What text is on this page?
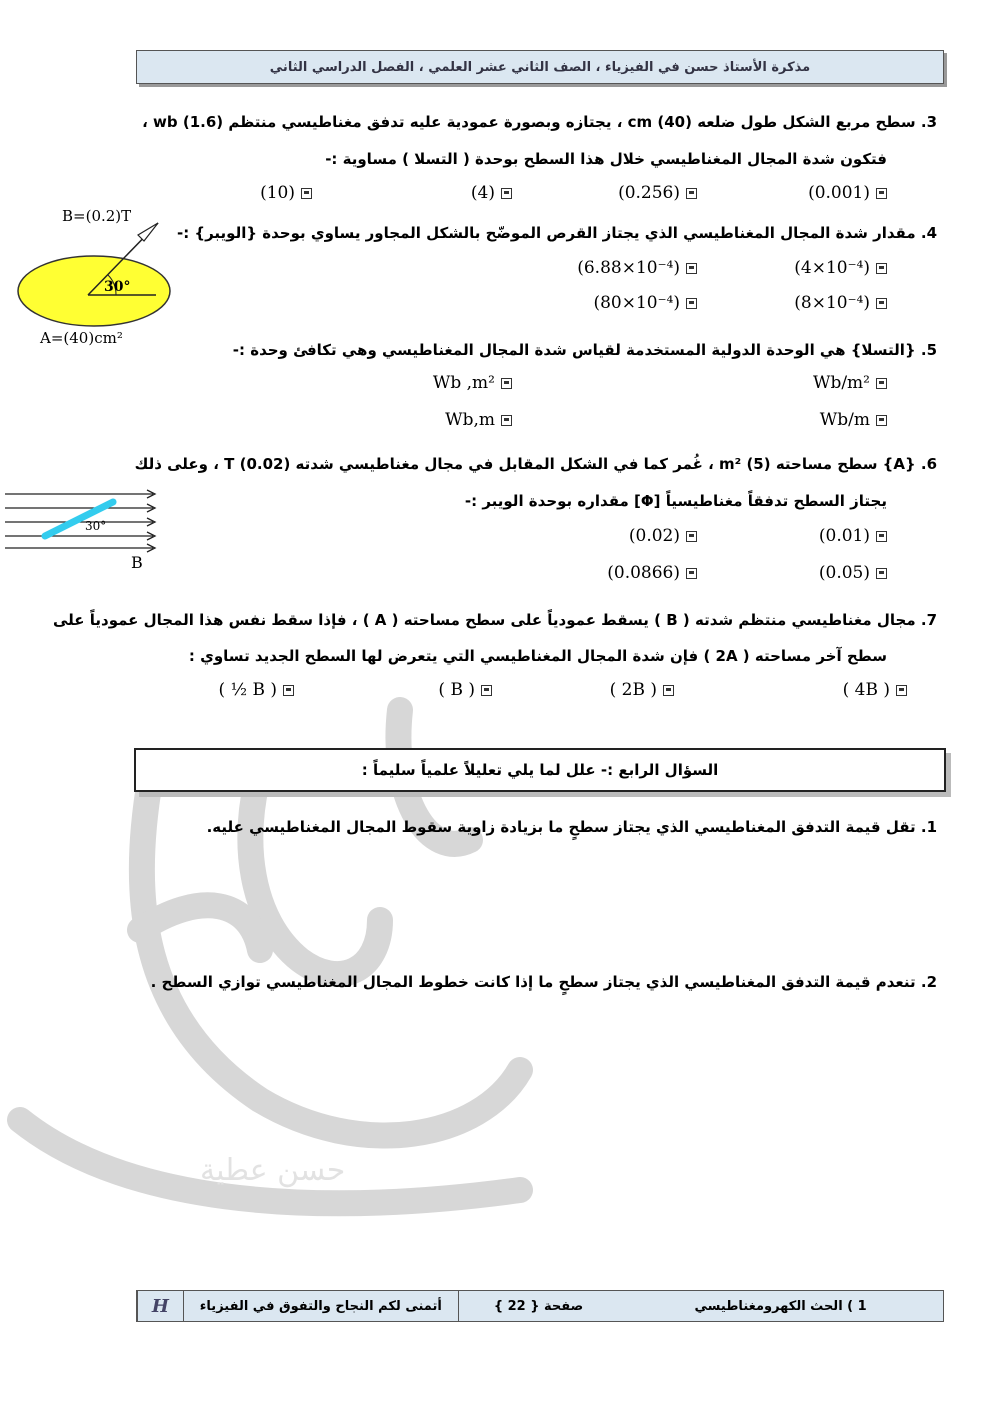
حسن عطية
مذكرة الأستاذ حسن في الفيزياء ، الصف الثاني عشر العلمي ، الفصل الدراسي الثاني
3. سطح مربع الشكل طول ضلعه cm (40) ، يجتازه وبصورة عمودية عليه تدفق مغناطيسي منتظم wb (1.6) ،
فتكون شدة المجال المغناطيسي خلال هذا السطح بوحدة ( التسلا ) مساوية :-
(0.001)
(0.256)
(4)
(10)
30°
B=(0.2)T
A=(40)cm²
4. مقدار شدة المجال المغناطيسي الذي يجتاز القرص الموضّح بالشكل المجاور يساوي بوحدة {الويبر} :-
(4×10⁻⁴)
(6.88×10⁻⁴)
(8×10⁻⁴)
(80×10⁻⁴)
5. {التسلا} هي الوحدة الدولية المستخدمة لقياس شدة المجال المغناطيسي وهي تكافئ وحدة :-
Wb/m²
Wb ,m²
Wb/m
Wb,m
30°
B
6. {A} سطح مساحته m² (5) ، غُمر كما في الشكل المقابل في مجال مغناطيسي شدته T (0.02) ، وعلى ذلك
يجتاز السطح تدفقاً مغناطيسياً [Φ] مقداره بوحدة الويبر :-
(0.01)
(0.02)
(0.05)
(0.0866)
7. مجال مغناطيسي منتظم شدته ( B ) يسقط عمودياً على سطح مساحته ( A ) ، فإذا سقط نفس هذا المجال عمودياً على
سطح آخر مساحته ( 2A ) فإن شدة المجال المغناطيسي التي يتعرض لها السطح الجديد تساوي :
( 4B )
( 2B )
( B )
( ½ B )
السؤال الرابع :- علل لما يلي تعليلاً علمياً سليماً :
1. تقل قيمة التدفق المغناطيسي الذي يجتاز سطحٍ ما بزيادة زاوية سقوط المجال المغناطيسي عليه.
2. تنعدم قيمة التدفق المغناطيسي الذي يجتاز سطحٍ ما إذا كانت خطوط المجال المغناطيسي توازي السطح .
1 ) الحث الكهرومغناطيسي
صفحة { 22 }
أتمنى لكم النجاح والتفوق في الفيزياء
H
